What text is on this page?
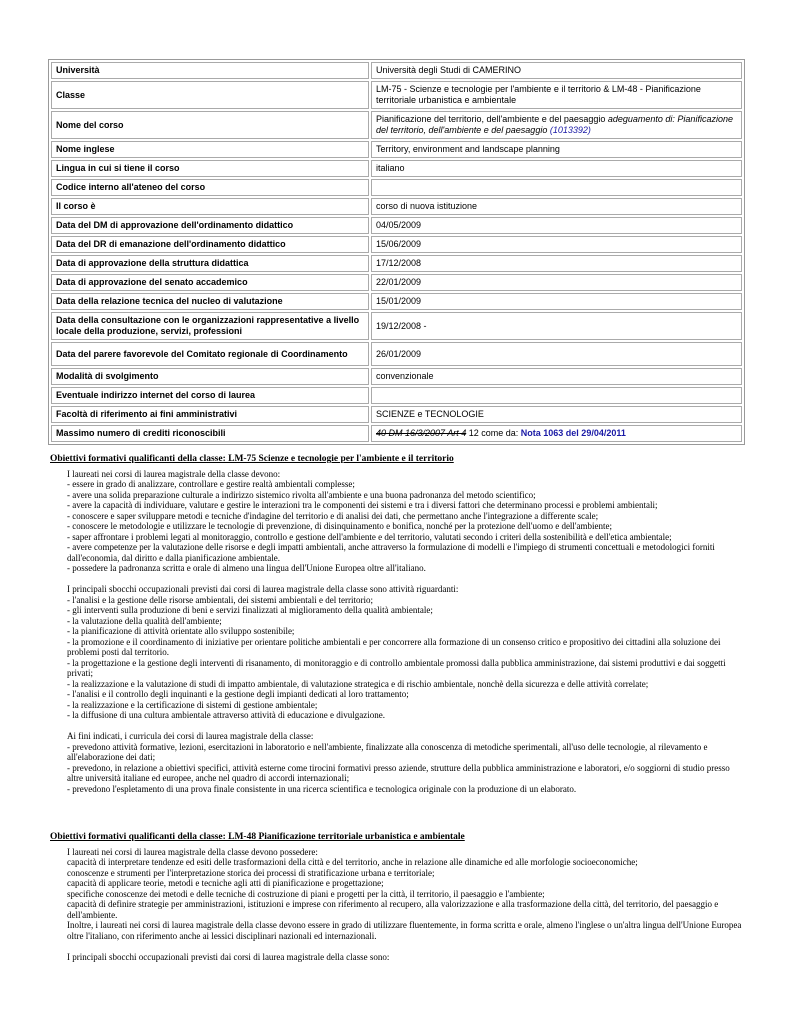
Università	Università degli Studi di CAMERINO
Classe	LM-75 - Scienze e tecnologie per l'ambiente e il territorio & LM-48 - Pianificazione territoriale urbanistica e ambientale
Nome del corso	Pianificazione del territorio, dell'ambiente e del paesaggio adeguamento di: Pianificazione del territorio, dell'ambiente e del paesaggio (1013392)
Nome inglese	Territory, environment and landscape planning
Lingua in cui si tiene il corso	italiano
Codice interno all'ateneo del corso	
Il corso è	corso di nuova istituzione
Data del DM di approvazione dell'ordinamento didattico	04/05/2009
Data del DR di emanazione dell'ordinamento didattico	15/06/2009
Data di approvazione della struttura didattica	17/12/2008
Data di approvazione del senato accademico	22/01/2009
Data della relazione tecnica del nucleo di valutazione	15/01/2009
Data della consultazione con le organizzazioni rappresentative a livello locale della produzione, servizi, professioni	19/12/2008 -
Data del parere favorevole del Comitato regionale di Coordinamento	26/01/2009
Modalità di svolgimento	convenzionale
Eventuale indirizzo internet del corso di laurea	
Facoltà di riferimento ai fini amministrativi	SCIENZE e TECNOLOGIE
Massimo numero di crediti riconoscibili	40 DM 16/3/2007 Art 4 12 come da: Nota 1063 del 29/04/2011
Obiettivi formativi qualificanti della classe: LM-75 Scienze e tecnologie per l'ambiente e il territorio

I laureati nei corsi di laurea magistrale della classe devono:

- essere in grado di analizzare, controllare e gestire realtà ambientali complesse;

- avere una solida preparazione culturale a indirizzo sistemico rivolta all'ambiente e una buona padronanza del metodo scientifico;

- avere la capacità di individuare, valutare e gestire le interazioni tra le componenti dei sistemi e tra i diversi fattori che determinano processi e problemi ambientali;

- conoscere e saper sviluppare metodi e tecniche d'indagine del territorio e di analisi dei dati, che permettano anche l'integrazione a differente scale;

- conoscere le metodologie e utilizzare le tecnologie di prevenzione, di disinquinamento e bonifica, nonché per la protezione dell'uomo e dell'ambiente;

- saper affrontare i problemi legati al monitoraggio, controllo e gestione dell'ambiente e del territorio, valutati secondo i criteri della sostenibilità e dell'etica ambientale;

- avere competenze per la valutazione delle risorse e degli impatti ambientali, anche attraverso la formulazione di modelli e l'impiego di strumenti concettuali e metodologici forniti dall'economia, dal diritto e dalla pianificazione ambientale.

- possedere la padronanza scritta e orale di almeno una lingua dell'Unione Europea oltre all'italiano.

I principali sbocchi occupazionali previsti dai corsi di laurea magistrale della classe sono attività riguardanti:

- l'analisi e la gestione delle risorse ambientali, dei sistemi ambientali e del territorio;

- gli interventi sulla produzione di beni e servizi finalizzati al miglioramento della qualità ambientale;

- la valutazione della qualità dell'ambiente;

- la pianificazione di attività orientate allo sviluppo sostenibile;

- la promozione e il coordinamento di iniziative per orientare politiche ambientali e per concorrere alla formazione di un consenso critico e propositivo dei cittadini alla soluzione dei problemi posti dal territorio.

- la progettazione e la gestione degli interventi di risanamento, di monitoraggio e di controllo ambientale promossi dalla pubblica amministrazione, dai sistemi produttivi e dai soggetti privati;

- la realizzazione e la valutazione di studi di impatto ambientale, di valutazione strategica e di rischio ambientale, nonchè della sicurezza e delle attività correlate;

- l'analisi e il controllo degli inquinanti e la gestione degli impianti dedicati al loro trattamento;

- la realizzazione e la certificazione di sistemi di gestione ambientale;

- la diffusione di una cultura ambientale attraverso attività di educazione e divulgazione.

Ai fini indicati, i curricula dei corsi di laurea magistrale della classe:

- prevedono attività formative, lezioni, esercitazioni in laboratorio e nell'ambiente, finalizzate alla conoscenza di metodiche sperimentali, all'uso delle tecnologie, al rilevamento e all'elaborazione dei dati;

- prevedono, in relazione a obiettivi specifici, attività esterne come tirocini formativi presso aziende, strutture della pubblica amministrazione e laboratori, e/o soggiorni di studio presso altre università italiane ed europee, anche nel quadro di accordi internazionali;

- prevedono l'espletamento di una prova finale consistente in una ricerca scientifica e tecnologica originale con la produzione di un elaborato.

Obiettivi formativi qualificanti della classe: LM-48 Pianificazione territoriale urbanistica e ambientale

I laureati nei corsi di laurea magistrale della classe devono possedere:

capacità di interpretare tendenze ed esiti delle trasformazioni della città e del territorio, anche in relazione alle dinamiche ed alle morfologie socioeconomiche;

conoscenze e strumenti per l'interpretazione storica dei processi di stratificazione urbana e territoriale;

capacità di applicare teorie, metodi e tecniche agli atti di pianificazione e progettazione;

specifiche conoscenze dei metodi e delle tecniche di costruzione di piani e progetti per la città, il territorio, il paesaggio e l'ambiente;

capacità di definire strategie per amministrazioni, istituzioni e imprese con riferimento al recupero, alla valorizzazione e alla trasformazione della città, del territorio, del paesaggio e dell'ambiente.

Inoltre, i laureati nei corsi di laurea magistrale della classe devono essere in grado di utilizzare fluentemente, in forma scritta e orale, almeno l'inglese o un'altra lingua dell'Unione Europea oltre l'italiano, con riferimento anche ai lessici disciplinari nazionali ed internazionali.

I principali sbocchi occupazionali previsti dai corsi di laurea magistrale della classe sono:
